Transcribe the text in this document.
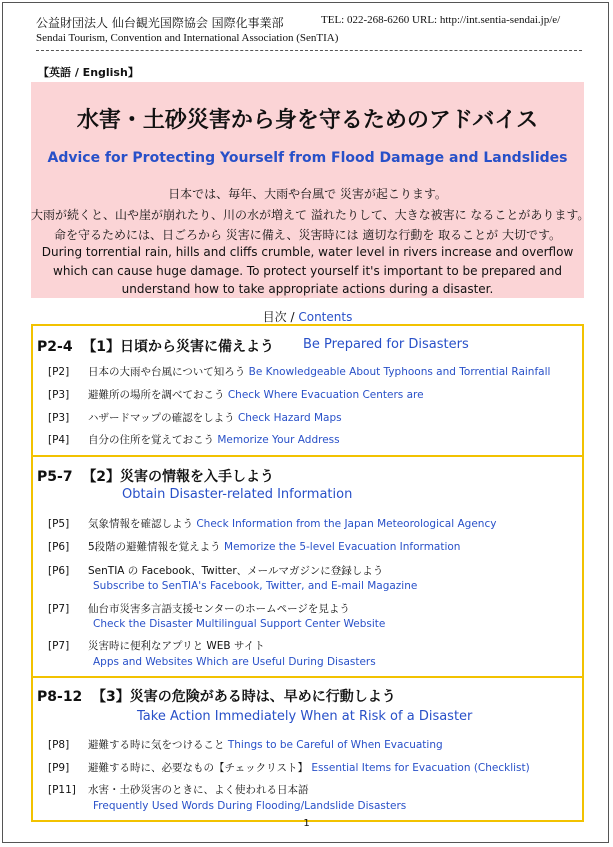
公益財団法人 仙台観光国際協会 国際化事業部	TEL: 022-268-6260 URL: http://int.sentia-sendai.jp/e/
Sendai Tourism, Convention and International Association (SenTIA)
【英語 / English】
水害・土砂災害から身を守るためのアドバイス
Advice for Protecting Yourself from Flood Damage and Landslides
日本では、毎年、大雨や台風で 災害が起こります。
大雨が続くと、山や崖が崩れたり、川の水が増えて 溢れたりして、大きな被害に なることがあります。
命を守るためには、日ごろから 災害に備え、災害時には 適切な行動を 取ることが 大切です。
During torrential rain, hills and cliffs crumble, water level in rivers increase and overflow
which can cause huge damage. To protect yourself it's important to be prepared and
understand how to take appropriate actions during a disaster.
目次 / Contents
P2-4 【1】日頃から災害に備えよう Be Prepared for Disasters
[P2] 日本の大雨や台風について知ろう Be Knowledgeable About Typhoons and Torrential Rainfall
[P3] 避難所の場所を調べておこう Check Where Evacuation Centers are
[P3] ハザードマップの確認をしよう Check Hazard Maps
[P4] 自分の住所を覚えておこう Memorize Your Address
P5-7 【2】災害の情報を入手しよう
Obtain Disaster-related Information
[P5] 気象情報を確認しよう Check Information from the Japan Meteorological Agency
[P6] 5段階の避難情報を覚えよう Memorize the 5-level Evacuation Information
[P6] SenTIA の Facebook、Twitter、メールマガジンに登録しよう
Subscribe to SenTIA's Facebook, Twitter, and E-mail Magazine
[P7] 仙台市災害多言語支援センターのホームページを見よう
Check the Disaster Multilingual Support Center Website
[P7] 災害時に便利なアプリと WEB サイト
Apps and Websites Which are Useful During Disasters
P8-12 【3】災害の危険がある時は、早めに行動しよう
Take Action Immediately When at Risk of a Disaster
[P8] 避難する時に気をつけること Things to be Careful of When Evacuating
[P9] 避難する時に、必要なもの【チェックリスト】 Essential Items for Evacuation (Checklist)
[P11] 水害・土砂災害のときに、よく使われる日本語
Frequently Used Words During Flooding/Landslide Disasters
1
